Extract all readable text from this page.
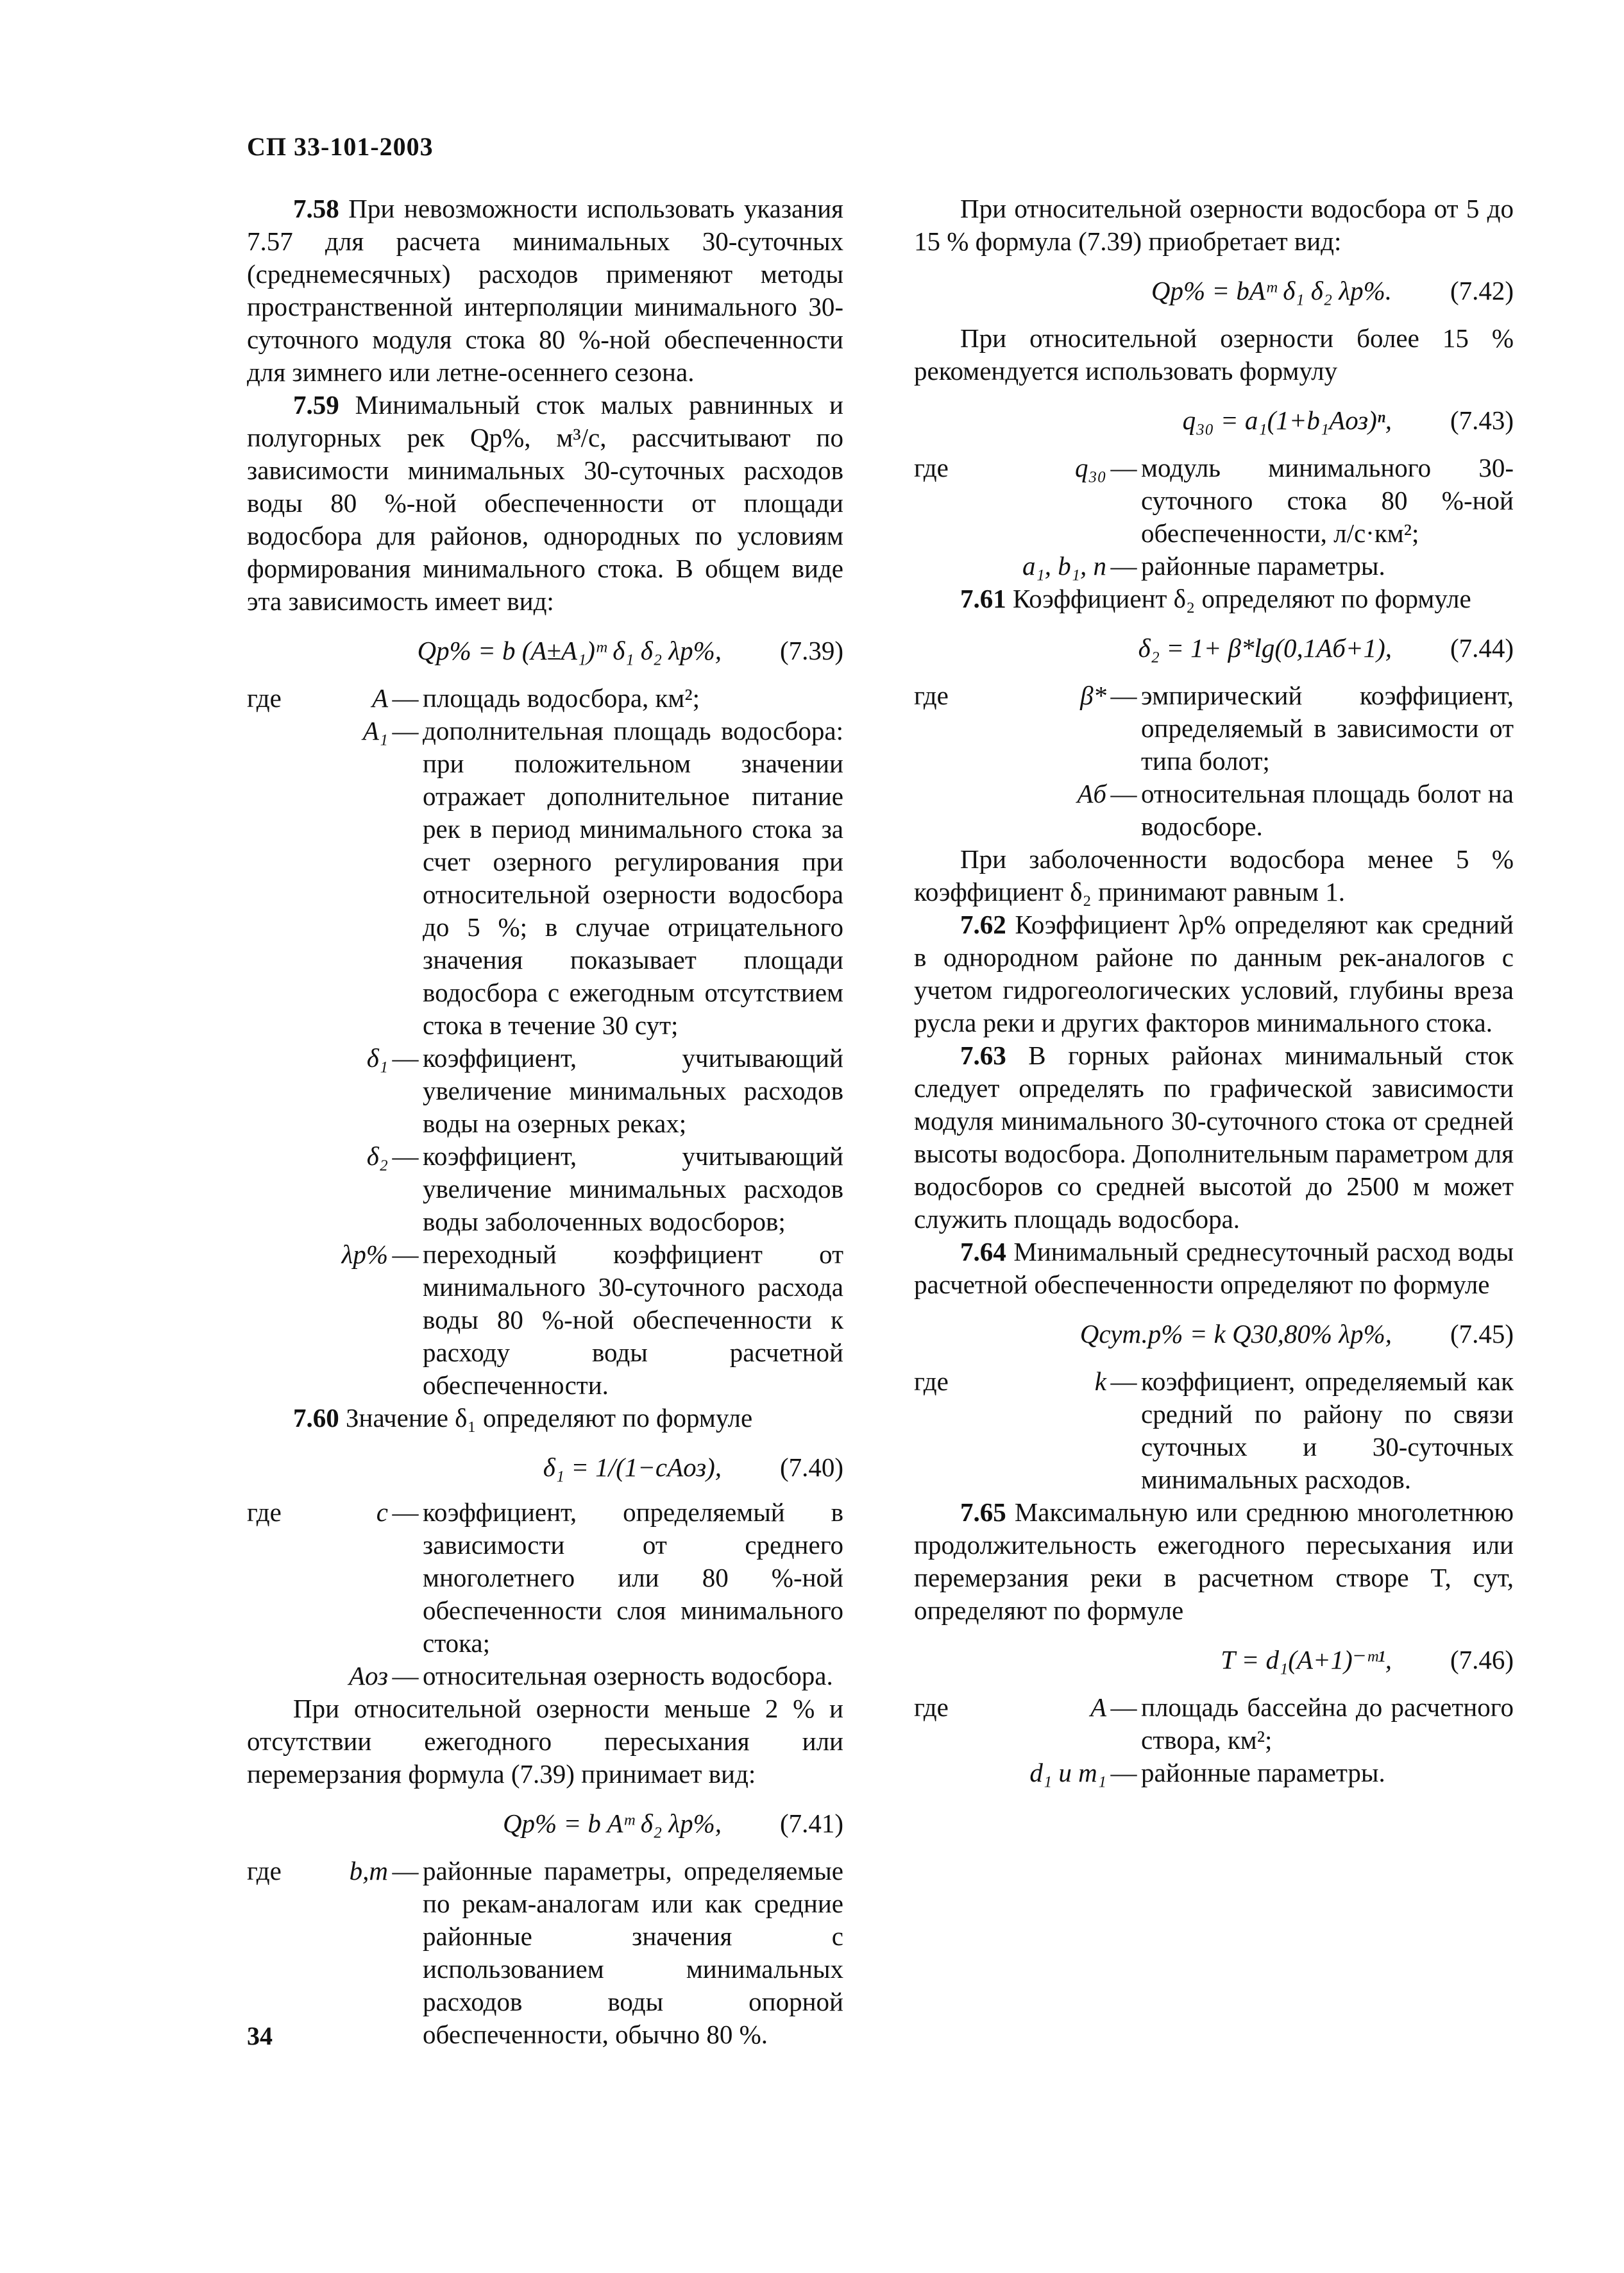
СП 33-101-2003

7.58 При невозможности использовать указания 7.57 для расчета минимальных 30-суточных (среднемесячных) расходов применяют методы пространственной интерполяции минимального 30-суточного модуля стока 80 %-ной обеспеченности для зимнего или летне-осеннего сезона.

7.59 Минимальный сток малых равнинных и полугорных рек Qp%, м³/с, рассчитывают по зависимости минимальных 30-суточных расходов воды 80 %-ной обеспеченности от площади водосбора для районов, однородных по условиям формирования минимального стока. В общем виде эта зависимость имеет вид:

Qp% = b (A±A₁)ᵐ δ₁ δ₂ λp%, (7.39)
где	A — площадь водосбора, км²;
A₁ — дополнительная площадь водосбора: при положительном значении отражает дополнительное питание рек в период минимального стока за счет озерного регулирования при относительной озерности водосбора до 5 %; в случае отрицательного значения показывает площади водосбора с ежегодным отсутствием стока в течение 30 сут;
δ₁ — коэффициент, учитывающий увеличение минимальных расходов воды на озерных реках;
δ₂ — коэффициент, учитывающий увеличение минимальных расходов воды заболоченных водосборов;
λp% — переходный коэффициент от минимального 30-суточного расхода воды 80 %-ной обеспеченности к расходу воды расчетной обеспеченности.

7.60 Значение δ₁ определяют по формуле

δ₁ = 1/(1−cAоз), (7.40)
где	c — коэффициент, определяемый в зависимости от среднего многолетнего или 80 %-ной обеспеченности слоя минимального стока;
Aоз — относительная озерность водосбора.

При относительной озерности меньше 2 % и отсутствии ежегодного пересыхания или перемерзания формула (7.39) принимает вид:

Qp% = b Aᵐ δ₂ λp%, (7.41)
где	b,m — районные параметры, определяемые по рекам-аналогам или как средние районные значения с использованием минимальных расходов воды опорной обеспеченности, обычно 80 %.

При относительной озерности водосбора от 5 до 15 % формула (7.39) приобретает вид:

Qp% = bAᵐ δ₁ δ₂ λp%. (7.42)

При относительной озерности более 15 % рекомендуется использовать формулу

q₃₀ = a₁(1+b₁Aоз)ⁿ, (7.43)
где	q₃₀ — модуль минимального 30-суточного стока 80 %-ной обеспеченности, л/с·км²;
a₁, b₁, n — районные параметры.

7.61 Коэффициент δ₂ определяют по формуле

δ₂ = 1+ β*lg(0,1Aб+1), (7.44)
где	β* — эмпирический коэффициент, определяемый в зависимости от типа болот;
Aб — относительная площадь болот на водосборе.

При заболоченности водосбора менее 5 % коэффициент δ₂ принимают равным 1.

7.62 Коэффициент λp% определяют как средний в однородном районе по данным рек-аналогов с учетом гидрогеологических условий, глубины вреза русла реки и других факторов минимального стока.

7.63 В горных районах минимальный сток следует определять по графической зависимости модуля минимального 30-суточного стока от средней высоты водосбора. Дополнительным параметром для водосборов со средней высотой до 2500 м может служить площадь водосбора.

7.64 Минимальный среднесуточный расход воды расчетной обеспеченности определяют по формуле

Qсут.p% = k Q30,80% λp%, (7.45)
где	k — коэффициент, определяемый как средний по району по связи суточных и 30-суточных минимальных расходов.

7.65 Максимальную или среднюю многолетнюю продолжительность ежегодного пересыхания или перемерзания реки в расчетном створе T, сут, определяют по формуле

T = d₁(A+1)⁻ᵐ¹, (7.46)
где	A — площадь бассейна до расчетного створа, км²;
d₁ и m₁ — районные параметры.
34
